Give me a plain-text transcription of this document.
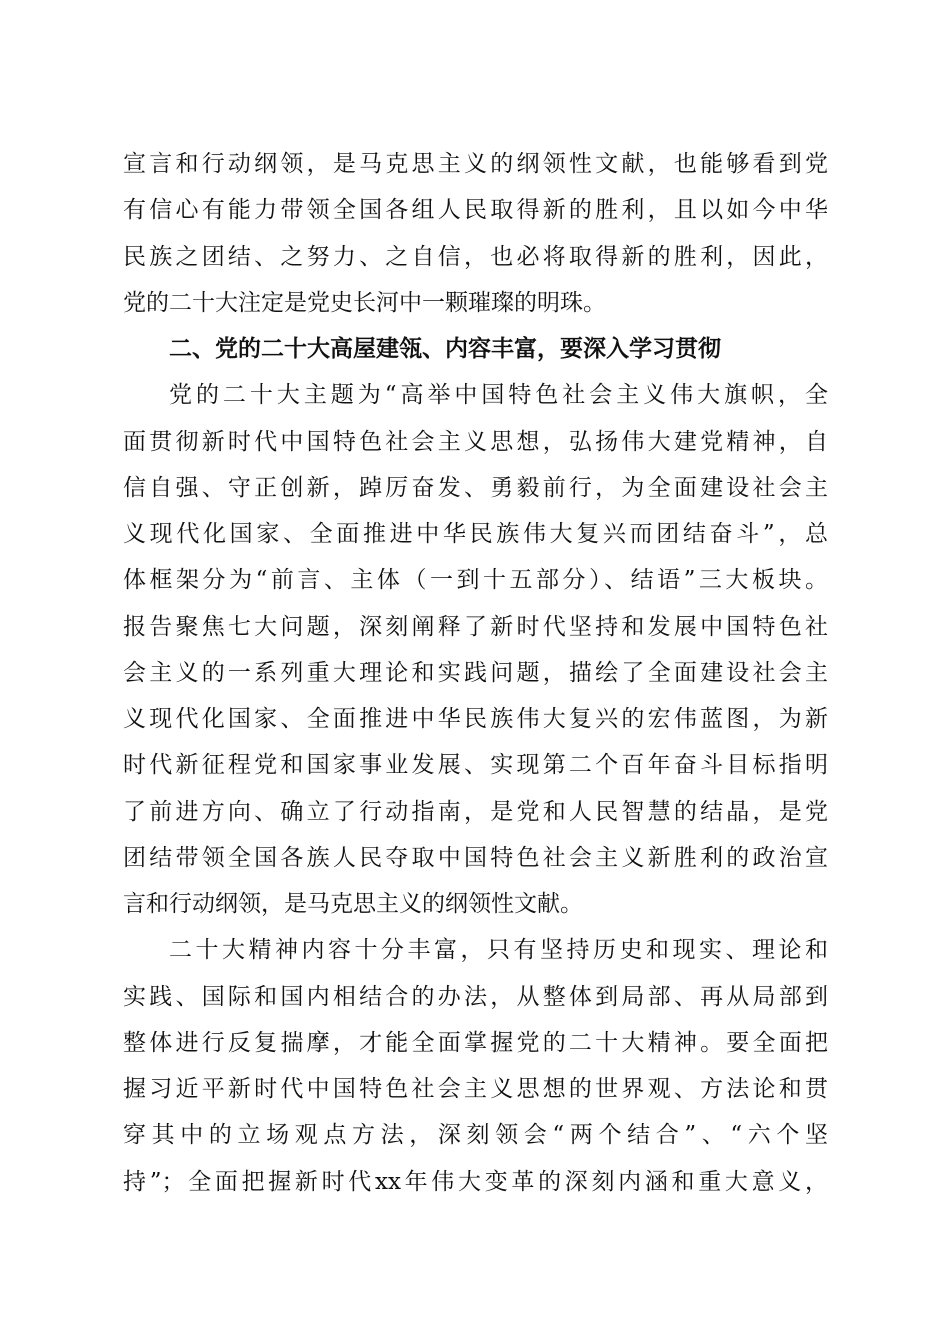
宣言和行动纲领，是马克思主义的纲领性文献，也能够看到党
有信心有能力带领全国各组人民取得新的胜利，且以如今中华
民族之团结、之努力、之自信，也必将取得新的胜利，因此，
党的二十大注定是党史长河中一颗璀璨的明珠。
二、党的二十大高屋建瓴、内容丰富，要深入学习贯彻
党的二十大主题为“高举中国特色社会主义伟大旗帜，全
面贯彻新时代中国特色社会主义思想，弘扬伟大建党精神，自
信自强、守正创新，踔厉奋发、勇毅前行，为全面建设社会主
义现代化国家、全面推进中华民族伟大复兴而团结奋斗”，总
体框架分为“前言、主体（一到十五部分）、结语”三大板块。
报告聚焦七大问题，深刻阐释了新时代坚持和发展中国特色社
会主义的一系列重大理论和实践问题，描绘了全面建设社会主
义现代化国家、全面推进中华民族伟大复兴的宏伟蓝图，为新
时代新征程党和国家事业发展、实现第二个百年奋斗目标指明
了前进方向、确立了行动指南，是党和人民智慧的结晶，是党
团结带领全国各族人民夺取中国特色社会主义新胜利的政治宣
言和行动纲领，是马克思主义的纲领性文献。
二十大精神内容十分丰富，只有坚持历史和现实、理论和
实践、国际和国内相结合的办法，从整体到局部、再从局部到
整体进行反复揣摩，才能全面掌握党的二十大精神。要全面把
握习近平新时代中国特色社会主义思想的世界观、方法论和贯
穿其中的立场观点方法，深刻领会“两个结合”、“六个坚
持”；全面把握新时代xx年伟大变革的深刻内涵和重大意义，
